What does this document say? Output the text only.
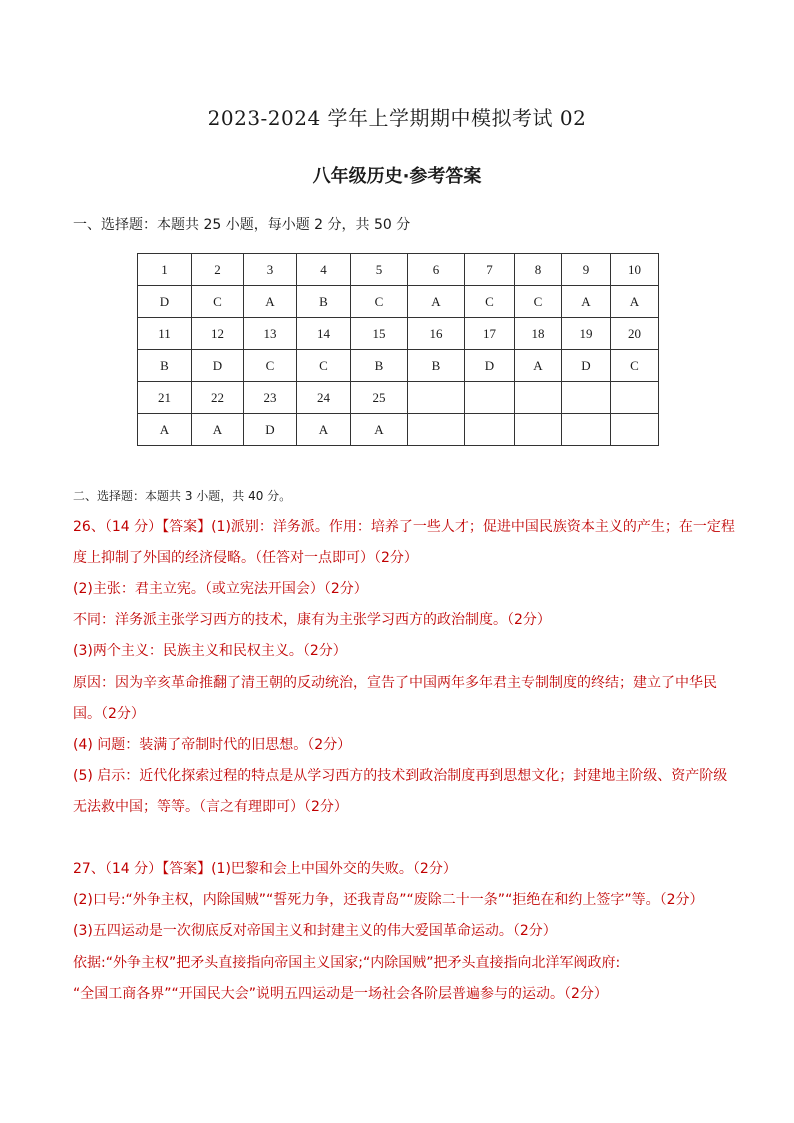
2023-2024 学年上学期期中模拟考试 02
八年级历史·参考答案
一、选择题：本题共 25 小题，每小题 2 分，共 50 分
1	2	3	4	5	6	7	8	9	10
D	C	A	B	C	A	C	C	A	A
11	12	13	14	15	16	17	18	19	20
B	D	C	C	B	B	D	A	D	C
21	22	23	24	25					
A	A	D	A	A					
二、选择题：本题共 3 小题，共 40 分。
26、（14 分）【答案】(1)派别：洋务派。作用：培养了一些人才；促进中国民族资本主义的产生；在一定程
度上抑制了外国的经济侵略。（任答对一点即可）（2分）
(2)主张：君主立宪。（或立宪法开国会）（2分）
不同：洋务派主张学习西方的技术，康有为主张学习西方的政治制度。（2分）
(3)两个主义：民族主义和民权主义。（2分）
原因：因为辛亥革命推翻了清王朝的反动统治，宣告了中国两年多年君主专制制度的终结；建立了中华民
国。（2分）
(4) 问题：装满了帝制时代的旧思想。（2分）
(5) 启示：近代化探索过程的特点是从学习西方的技术到政治制度再到思想文化；封建地主阶级、资产阶级
无法救中国；等等。（言之有理即可）（2分）
27、（14 分）【答案】(1)巴黎和会上中国外交的失败。（2分）
(2)口号:“外争主权，内除国贼”“誓死力争，还我青岛”“废除二十一条”“拒绝在和约上签字”等。（2分）
(3)五四运动是一次彻底反对帝国主义和封建主义的伟大爱国革命运动。（2分）
依据:“外争主权”把矛头直接指向帝国主义国家;“内除国贼”把矛头直接指向北洋军阀政府:
“全国工商各界”“开国民大会”说明五四运动是一场社会各阶层普遍参与的运动。（2分）
